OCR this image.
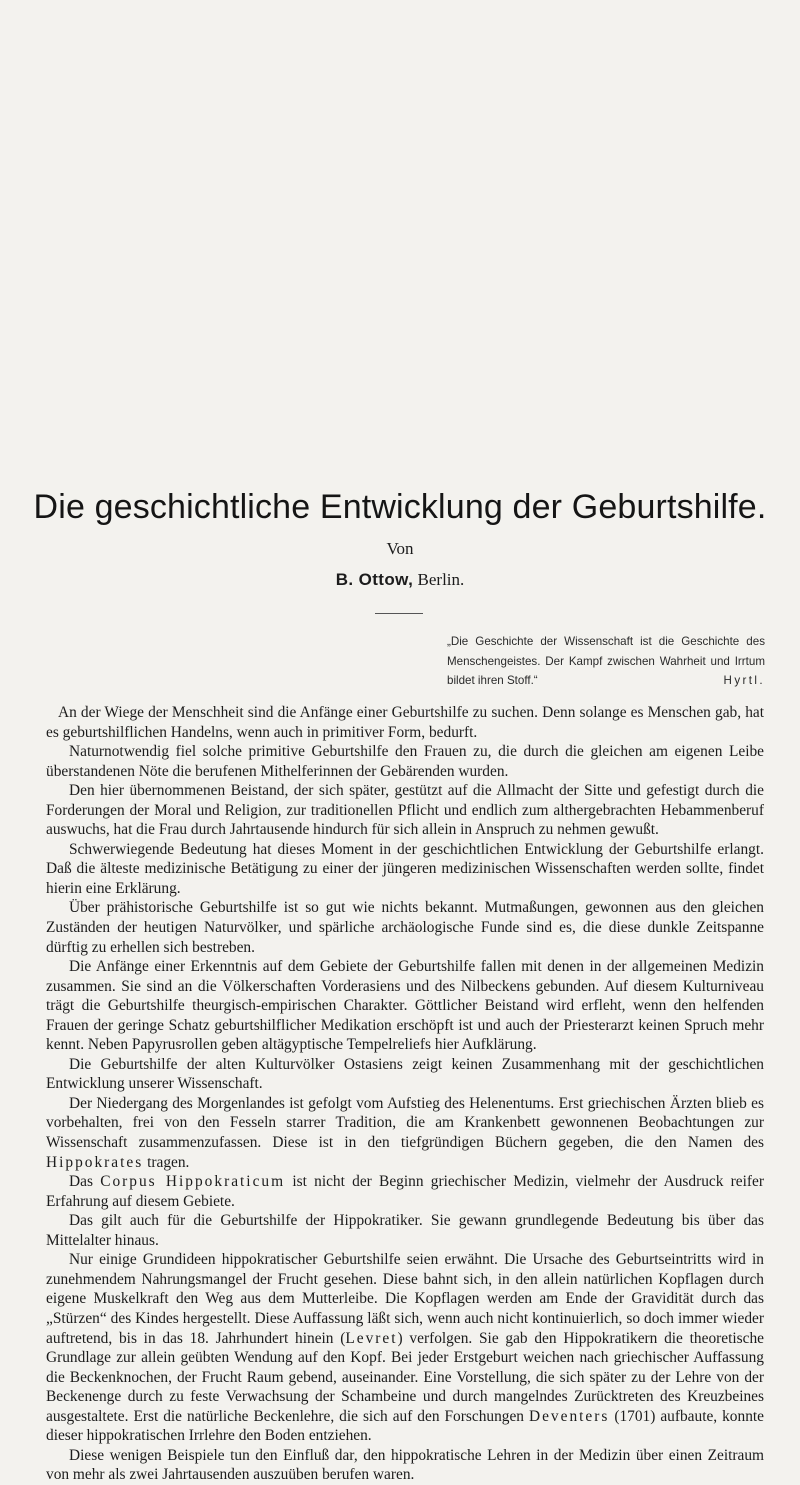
Die geschichtliche Entwicklung der Geburtshilfe.
Von
B. Ottow, Berlin.

„Die Geschichte der Wissenschaft ist die Geschichte des Menschengeistes. Der Kampf zwischen Wahrheit und Irrtum bildet ihren Stoff.“	Hyrtl.

An der Wiege der Menschheit sind die Anfänge einer Geburtshilfe zu suchen. Denn solange es Menschen gab, hat es geburtshilflichen Handelns, wenn auch in primitiver Form, bedurft.

Naturnotwendig fiel solche primitive Geburtshilfe den Frauen zu, die durch die gleichen am eigenen Leibe überstandenen Nöte die berufenen Mithelferinnen der Gebärenden wurden.

Den hier übernommenen Beistand, der sich später, gestützt auf die Allmacht der Sitte und gefestigt durch die Forderungen der Moral und Religion, zur traditionellen Pflicht und endlich zum althergebrachten Hebammenberuf auswuchs, hat die Frau durch Jahrtausende hindurch für sich allein in Anspruch zu nehmen gewußt.

Schwerwiegende Bedeutung hat dieses Moment in der geschichtlichen Entwicklung der Geburtshilfe erlangt. Daß die älteste medizinische Betätigung zu einer der jüngeren medizinischen Wissenschaften werden sollte, findet hierin eine Erklärung.

Über prähistorische Geburtshilfe ist so gut wie nichts bekannt. Mutmaßungen, gewonnen aus den gleichen Zuständen der heutigen Naturvölker, und spärliche archäologische Funde sind es, die diese dunkle Zeitspanne dürftig zu erhellen sich bestreben.

Die Anfänge einer Erkenntnis auf dem Gebiete der Geburtshilfe fallen mit denen in der allgemeinen Medizin zusammen. Sie sind an die Völkerschaften Vorderasiens und des Nilbeckens gebunden. Auf diesem Kulturniveau trägt die Geburtshilfe theurgisch-empirischen Charakter. Göttlicher Beistand wird erfleht, wenn den helfenden Frauen der geringe Schatz geburtshilflicher Medikation erschöpft ist und auch der Priesterarzt keinen Spruch mehr kennt. Neben Papyrusrollen geben altägyptische Tempelreliefs hier Aufklärung.

Die Geburtshilfe der alten Kulturvölker Ostasiens zeigt keinen Zusammenhang mit der geschichtlichen Entwicklung unserer Wissenschaft.

Der Niedergang des Morgenlandes ist gefolgt vom Aufstieg des Helenentums. Erst griechischen Ärzten blieb es vorbehalten, frei von den Fesseln starrer Tradition, die am Krankenbett gewonnenen Beobachtungen zur Wissenschaft zusammenzufassen. Diese ist in den tiefgründigen Büchern gegeben, die den Namen des Hippokrates tragen.

Das Corpus Hippokraticum ist nicht der Beginn griechischer Medizin, vielmehr der Ausdruck reifer Erfahrung auf diesem Gebiete.

Das gilt auch für die Geburtshilfe der Hippokratiker. Sie gewann grundlegende Bedeutung bis über das Mittelalter hinaus.

Nur einige Grundideen hippokratischer Geburtshilfe seien erwähnt. Die Ursache des Geburtseintritts wird in zunehmendem Nahrungsmangel der Frucht gesehen. Diese bahnt sich, in den allein natürlichen Kopflagen durch eigene Muskelkraft den Weg aus dem Mutterleibe. Die Kopflagen werden am Ende der Gravidität durch das „Stürzen“ des Kindes hergestellt. Diese Auffassung läßt sich, wenn auch nicht kontinuierlich, so doch immer wieder auftretend, bis in das 18. Jahrhundert hinein (Levret) verfolgen. Sie gab den Hippokratikern die theoretische Grundlage zur allein geübten Wendung auf den Kopf. Bei jeder Erstgeburt weichen nach griechischer Auffassung die Beckenknochen, der Frucht Raum gebend, auseinander. Eine Vorstellung, die sich später zu der Lehre von der Beckenenge durch zu feste Verwachsung der Schambeine und durch mangelndes Zurücktreten des Kreuzbeines ausgestaltete. Erst die natürliche Beckenlehre, die sich auf den Forschungen Deventers (1701) aufbaute, konnte dieser hippokratischen Irrlehre den Boden entziehen.

Diese wenigen Beispiele tun den Einfluß dar, den hippokratische Lehren in der Medizin über einen Zeitraum von mehr als zwei Jahrtausenden auszuüben berufen waren.
